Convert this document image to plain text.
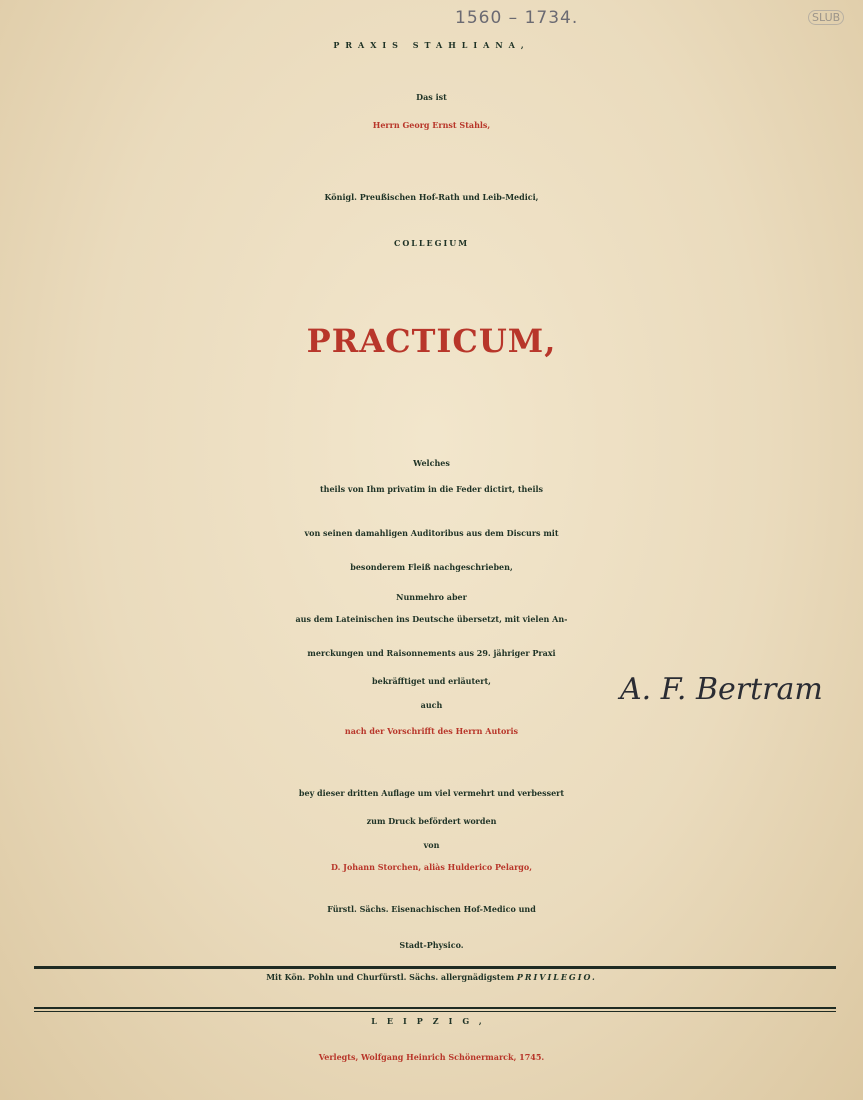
1560 – 1734.	SLUB
PRAXIS STAHLIANA,
Das ist
Herrn Georg Ernst Stahls,
Königl. Preußischen Hof-Rath und Leib-Medici,
COLLEGIUM
PRACTICUM,
Welches
theils von Ihm privatim in die Feder dictirt, theils
von seinen damahligen Auditoribus aus dem Discurs mit
besonderem Fleiß nachgeschrieben,
Nunmehro aber
aus dem Lateinischen ins Deutsche übersetzt, mit vielen An-
merckungen und Raisonnements aus 29. jähriger Praxi
bekräfftiget und erläutert,
auch
nach der Vorschrifft des Herrn Autoris
bey dieser dritten Auflage um viel vermehrt und verbessert
zum Druck befördert worden
von
D. Johann Storchen, aliàs Hulderico Pelargo,
Fürstl. Sächs. Eisenachischen Hof-Medico und
Stadt-Physico.
A. F. Bertram
Mit Kön. Pohln und Churfürstl. Sächs. allergnädigstem PRIVILEGIO.
LEIPZIG,
Verlegts, Wolfgang Heinrich Schönermarck, 1745.
